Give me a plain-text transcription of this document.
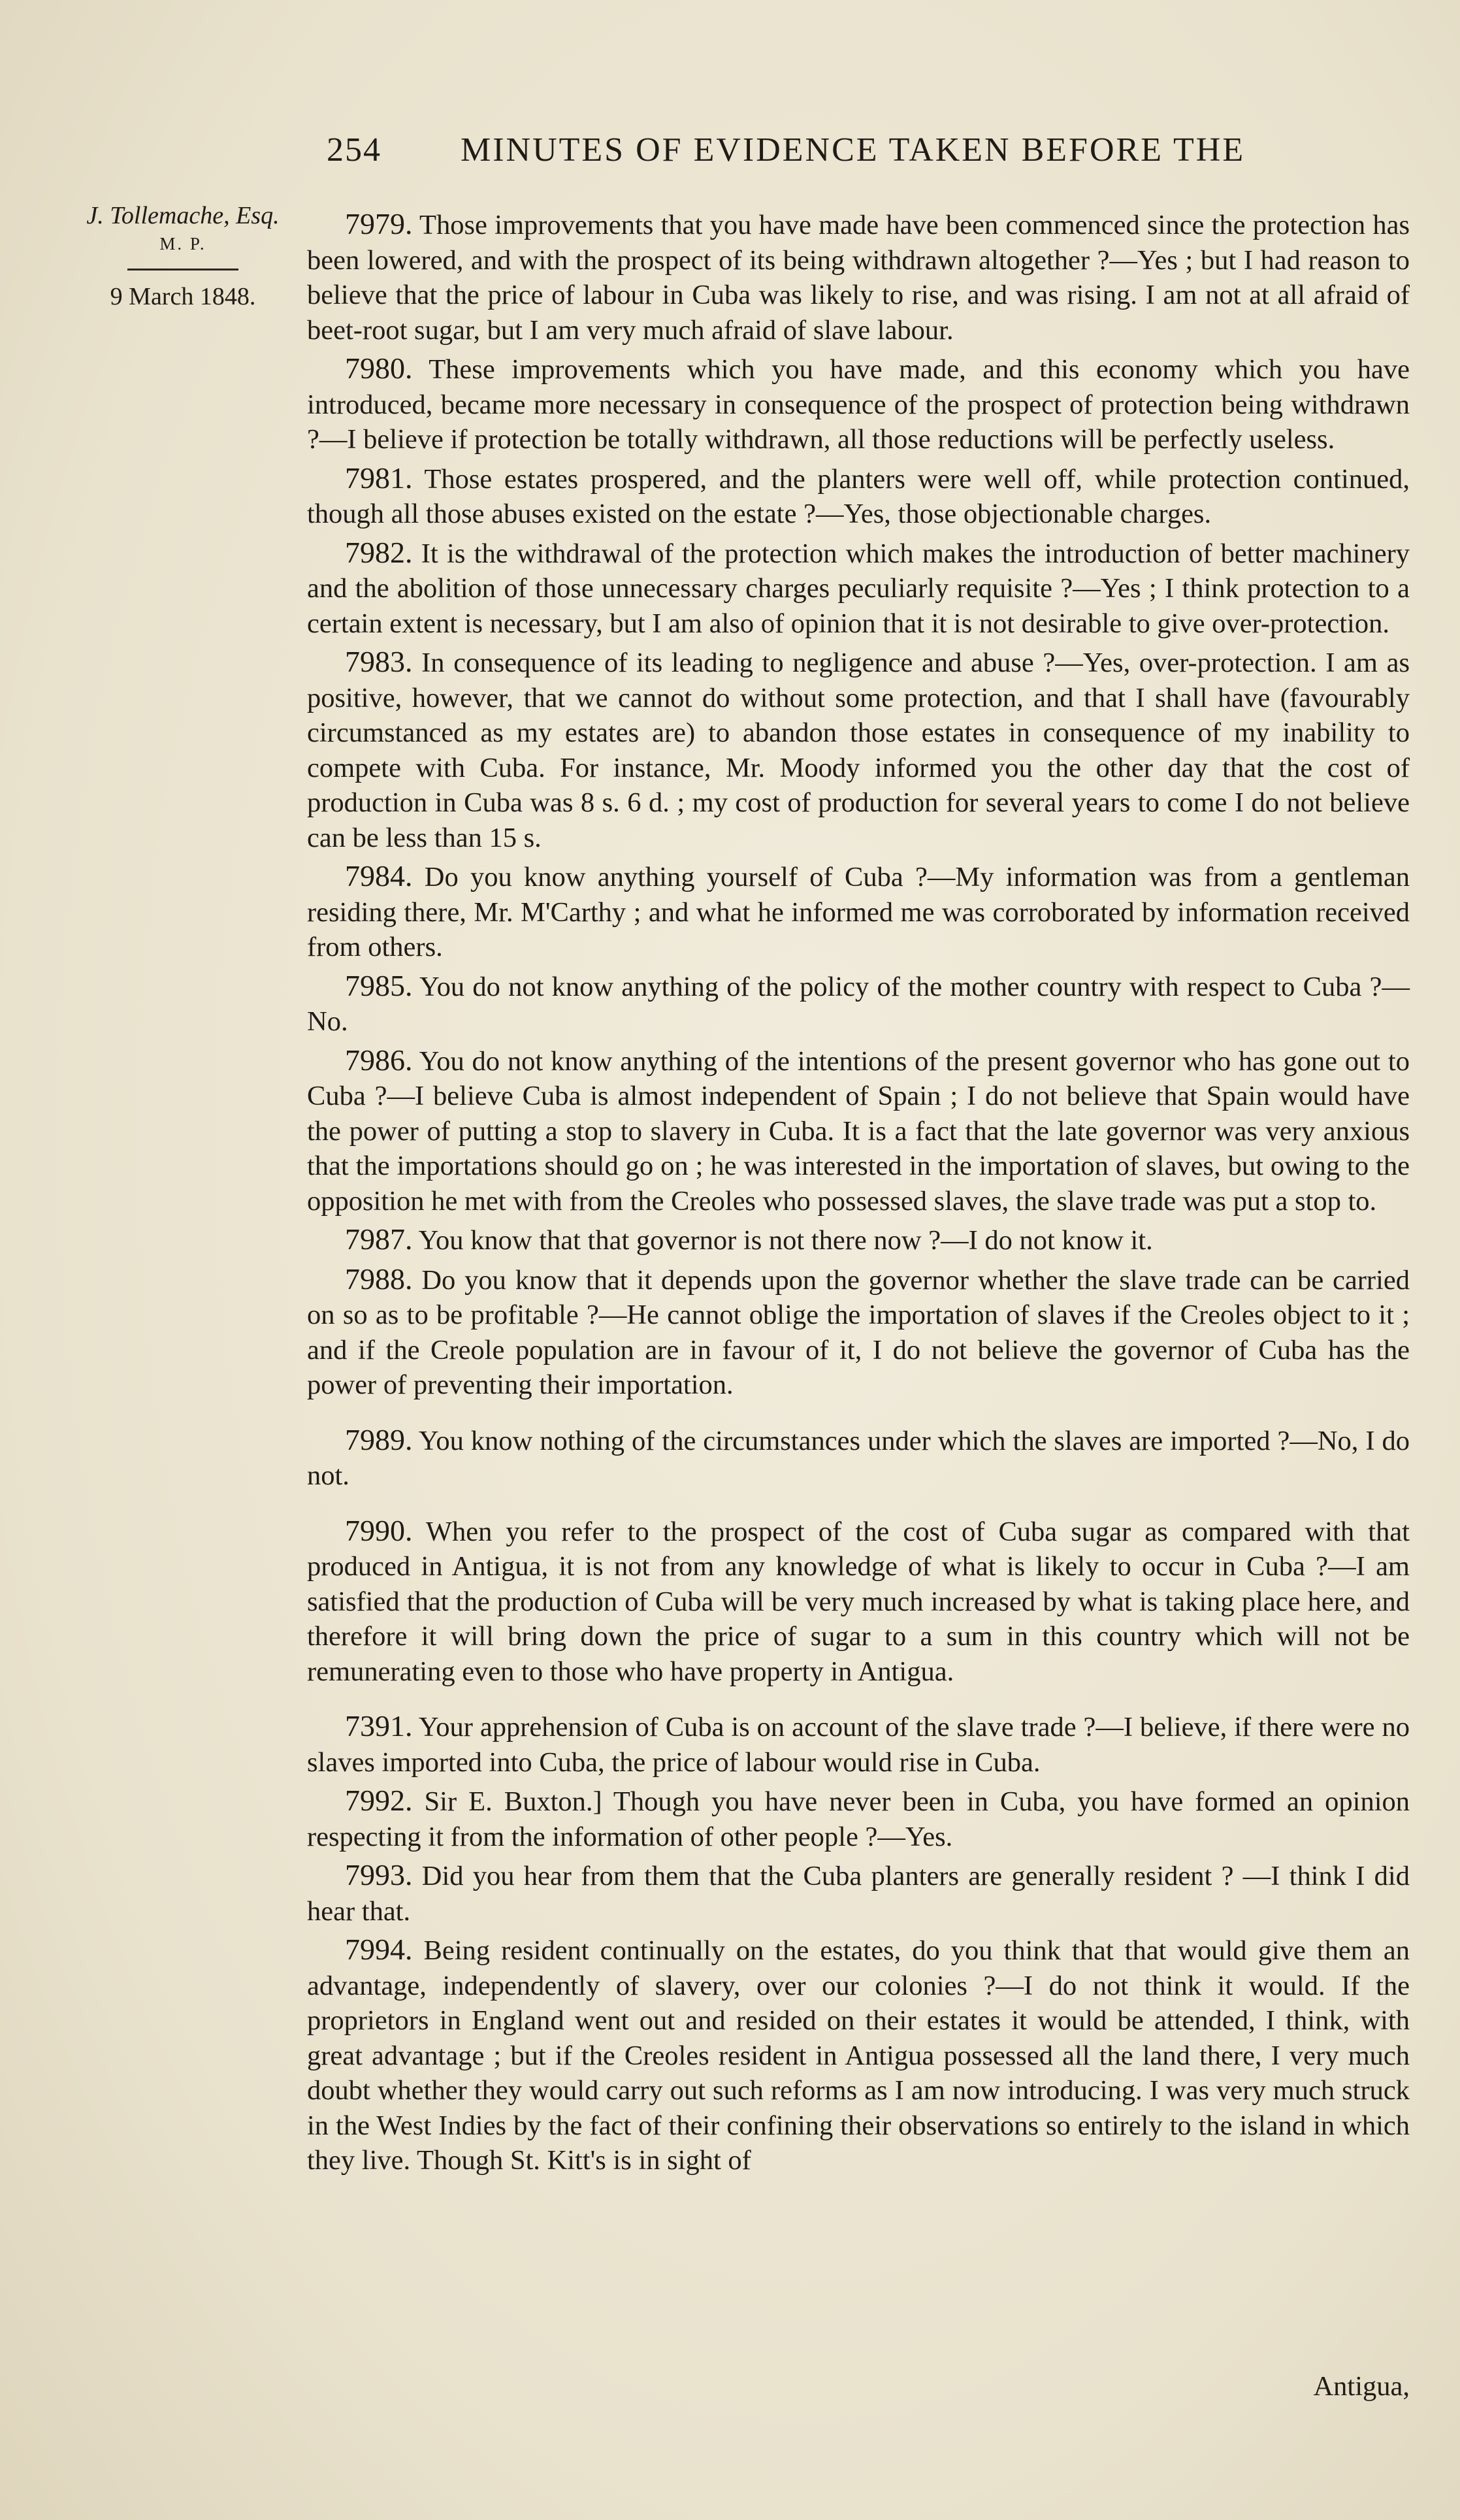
254 MINUTES OF EVIDENCE TAKEN BEFORE THE
J. Tollemache, Esq.
M. P.
9 March 1848.

7979. Those improvements that you have made have been commenced since the protection has been lowered, and with the prospect of its being withdrawn altogether ?—Yes ; but I had reason to believe that the price of labour in Cuba was likely to rise, and was rising. I am not at all afraid of beet-root sugar, but I am very much afraid of slave labour.

7980. These improvements which you have made, and this economy which you have introduced, became more necessary in consequence of the prospect of protection being withdrawn ?—I believe if protection be totally withdrawn, all those reductions will be perfectly useless.

7981. Those estates prospered, and the planters were well off, while protection continued, though all those abuses existed on the estate ?—Yes, those objectionable charges.

7982. It is the withdrawal of the protection which makes the introduction of better machinery and the abolition of those unnecessary charges peculiarly requisite ?—Yes ; I think protection to a certain extent is necessary, but I am also of opinion that it is not desirable to give over-protection.

7983. In consequence of its leading to negligence and abuse ?—Yes, over-protection. I am as positive, however, that we cannot do without some protection, and that I shall have (favourably circumstanced as my estates are) to abandon those estates in consequence of my inability to compete with Cuba. For instance, Mr. Moody informed you the other day that the cost of production in Cuba was 8 s. 6 d. ; my cost of production for several years to come I do not believe can be less than 15 s.

7984. Do you know anything yourself of Cuba ?—My information was from a gentleman residing there, Mr. M'Carthy ; and what he informed me was corroborated by information received from others.

7985. You do not know anything of the policy of the mother country with respect to Cuba ?—No.

7986. You do not know anything of the intentions of the present governor who has gone out to Cuba ?—I believe Cuba is almost independent of Spain ; I do not believe that Spain would have the power of putting a stop to slavery in Cuba. It is a fact that the late governor was very anxious that the importations should go on ; he was interested in the importation of slaves, but owing to the opposition he met with from the Creoles who possessed slaves, the slave trade was put a stop to.

7987. You know that that governor is not there now ?—I do not know it.

7988. Do you know that it depends upon the governor whether the slave trade can be carried on so as to be profitable ?—He cannot oblige the importation of slaves if the Creoles object to it ; and if the Creole population are in favour of it, I do not believe the governor of Cuba has the power of preventing their importation.

7989. You know nothing of the circumstances under which the slaves are imported ?—No, I do not.

7990. When you refer to the prospect of the cost of Cuba sugar as compared with that produced in Antigua, it is not from any knowledge of what is likely to occur in Cuba ?—I am satisfied that the production of Cuba will be very much increased by what is taking place here, and therefore it will bring down the price of sugar to a sum in this country which will not be remunerating even to those who have property in Antigua.

7391. Your apprehension of Cuba is on account of the slave trade ?—I believe, if there were no slaves imported into Cuba, the price of labour would rise in Cuba.

7992. Sir E. Buxton.] Though you have never been in Cuba, you have formed an opinion respecting it from the information of other people ?—Yes.

7993. Did you hear from them that the Cuba planters are generally resident ? —I think I did hear that.

7994. Being resident continually on the estates, do you think that that would give them an advantage, independently of slavery, over our colonies ?—I do not think it would. If the proprietors in England went out and resided on their estates it would be attended, I think, with great advantage ; but if the Creoles resident in Antigua possessed all the land there, I very much doubt whether they would carry out such reforms as I am now introducing. I was very much struck in the West Indies by the fact of their confining their observations so entirely to the island in which they live. Though St. Kitt's is in sight of

Antigua,
